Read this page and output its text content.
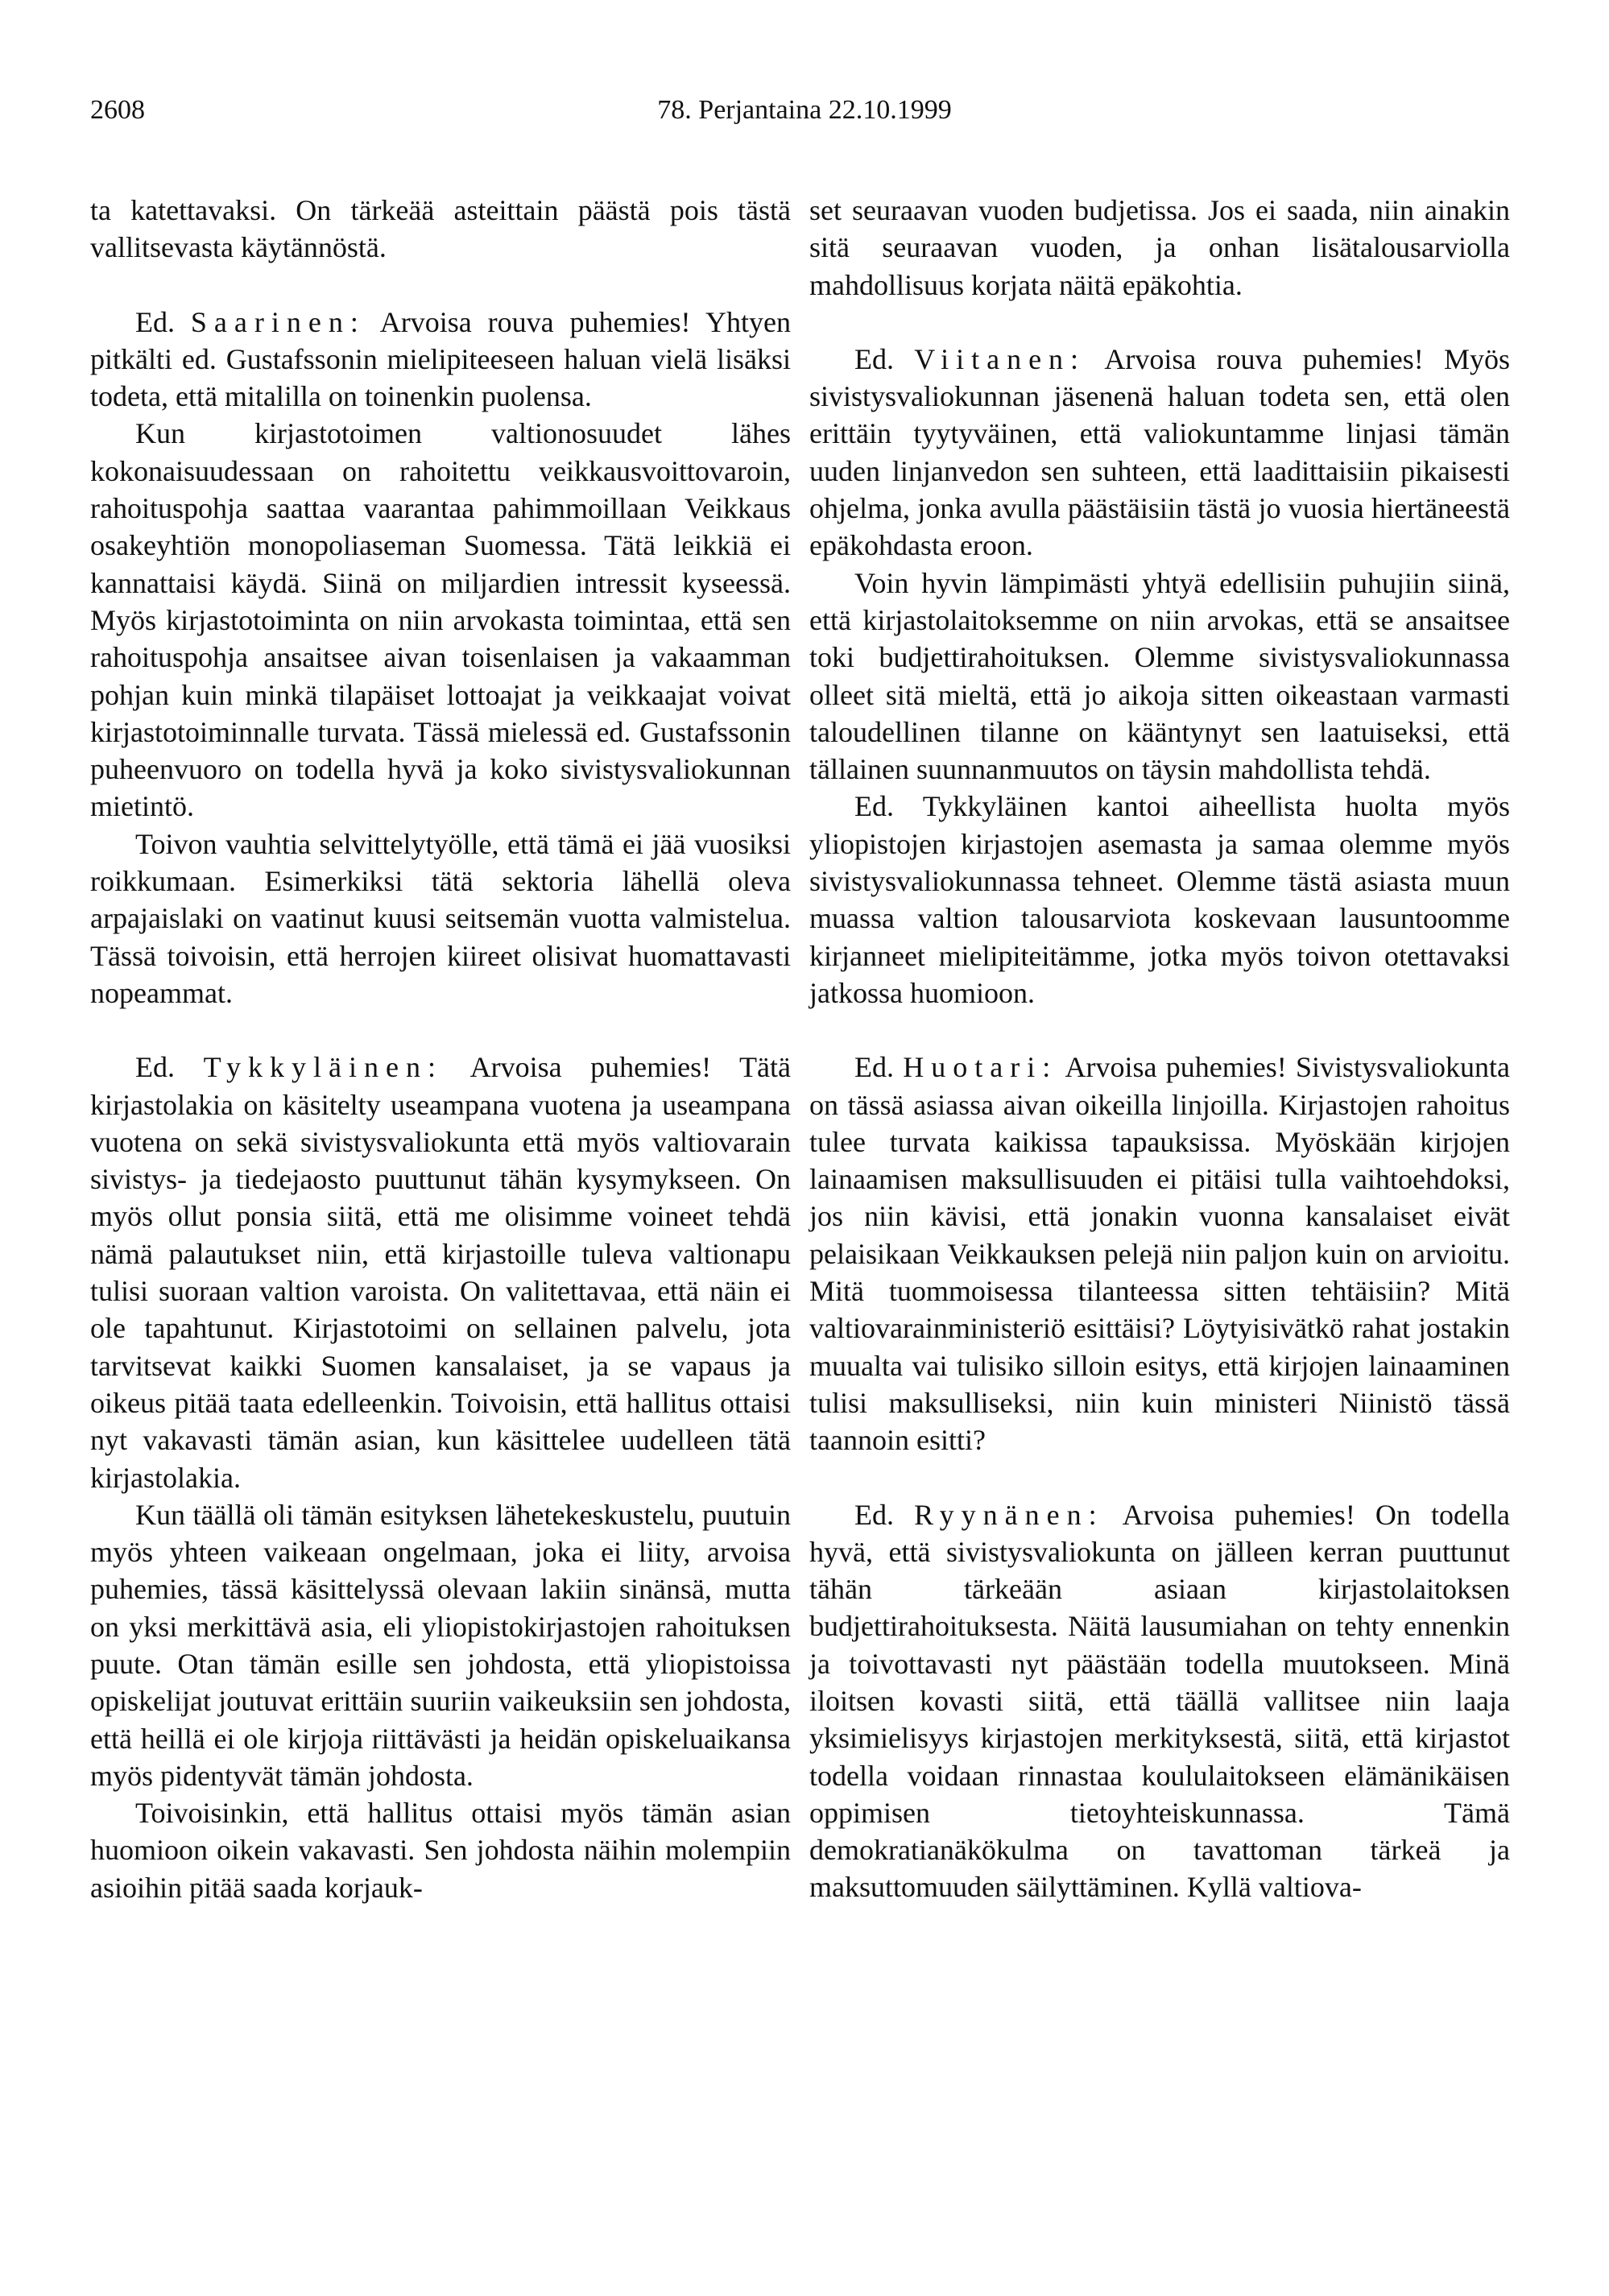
2608	78. Perjantaina 22.10.1999

ta katettavaksi. On tärkeää asteittain päästä pois tästä vallitsevasta käytännöstä.

Ed. Saarinen: Arvoisa rouva puhemies! Yhtyen pitkälti ed. Gustafssonin mielipiteeseen haluan vielä lisäksi todeta, että mitalilla on toinenkin puolensa.

Kun kirjastotoimen valtionosuudet lähes kokonaisuudessaan on rahoitettu veikkausvoittovaroin, rahoituspohja saattaa vaarantaa pahimmoillaan Veikkaus osakeyhtiön monopoliaseman Suomessa. Tätä leikkiä ei kannattaisi käydä. Siinä on miljardien intressit kyseessä. Myös kirjastotoiminta on niin arvokasta toimintaa, että sen rahoituspohja ansaitsee aivan toisenlaisen ja vakaamman pohjan kuin minkä tilapäiset lottoajat ja veikkaajat voivat kirjastotoiminnalle turvata. Tässä mielessä ed. Gustafssonin puheenvuoro on todella hyvä ja koko sivistysvaliokunnan mietintö.

Toivon vauhtia selvittelytyölle, että tämä ei jää vuosiksi roikkumaan. Esimerkiksi tätä sektoria lähellä oleva arpajaislaki on vaatinut kuusi seitsemän vuotta valmistelua. Tässä toivoisin, että herrojen kiireet olisivat huomattavasti nopeammat.

Ed. Tykkyläinen: Arvoisa puhemies! Tätä kirjastolakia on käsitelty useampana vuotena ja useampana vuotena on sekä sivistysvaliokunta että myös valtiovarain sivistys- ja tiedejaosto puuttunut tähän kysymykseen. On myös ollut ponsia siitä, että me olisimme voineet tehdä nämä palautukset niin, että kirjastoille tuleva valtionapu tulisi suoraan valtion varoista. On valitettavaa, että näin ei ole tapahtunut. Kirjastotoimi on sellainen palvelu, jota tarvitsevat kaikki Suomen kansalaiset, ja se vapaus ja oikeus pitää taata edelleenkin. Toivoisin, että hallitus ottaisi nyt vakavasti tämän asian, kun käsittelee uudelleen tätä kirjastolakia.

Kun täällä oli tämän esityksen lähetekeskustelu, puutuin myös yhteen vaikeaan ongelmaan, joka ei liity, arvoisa puhemies, tässä käsittelyssä olevaan lakiin sinänsä, mutta on yksi merkittävä asia, eli yliopistokirjastojen rahoituksen puute. Otan tämän esille sen johdosta, että yliopistoissa opiskelijat joutuvat erittäin suuriin vaikeuksiin sen johdosta, että heillä ei ole kirjoja riittävästi ja heidän opiskeluaikansa myös pidentyvät tämän johdosta.

Toivoisinkin, että hallitus ottaisi myös tämän asian huomioon oikein vakavasti. Sen johdosta näihin molempiin asioihin pitää saada korjauk-

set seuraavan vuoden budjetissa. Jos ei saada, niin ainakin sitä seuraavan vuoden, ja onhan lisätalousarviolla mahdollisuus korjata näitä epäkohtia.

Ed. Viitanen: Arvoisa rouva puhemies! Myös sivistysvaliokunnan jäsenenä haluan todeta sen, että olen erittäin tyytyväinen, että valiokuntamme linjasi tämän uuden linjanvedon sen suhteen, että laadittaisiin pikaisesti ohjelma, jonka avulla päästäisiin tästä jo vuosia hiertäneestä epäkohdasta eroon.

Voin hyvin lämpimästi yhtyä edellisiin puhujiin siinä, että kirjastolaitoksemme on niin arvokas, että se ansaitsee toki budjettirahoituksen. Olemme sivistysvaliokunnassa olleet sitä mieltä, että jo aikoja sitten oikeastaan varmasti taloudellinen tilanne on kääntynyt sen laatuiseksi, että tällainen suunnanmuutos on täysin mahdollista tehdä.

Ed. Tykkyläinen kantoi aiheellista huolta myös yliopistojen kirjastojen asemasta ja samaa olemme myös sivistysvaliokunnassa tehneet. Olemme tästä asiasta muun muassa valtion talousarviota koskevaan lausuntoomme kirjanneet mielipiteitämme, jotka myös toivon otettavaksi jatkossa huomioon.

Ed. Huotari: Arvoisa puhemies! Sivistysvaliokunta on tässä asiassa aivan oikeilla linjoilla. Kirjastojen rahoitus tulee turvata kaikissa tapauksissa. Myöskään kirjojen lainaamisen maksullisuuden ei pitäisi tulla vaihtoehdoksi, jos niin kävisi, että jonakin vuonna kansalaiset eivät pelaisikaan Veikkauksen pelejä niin paljon kuin on arvioitu. Mitä tuommoisessa tilanteessa sitten tehtäisiin? Mitä valtiovarainministeriö esittäisi? Löytyisivätkö rahat jostakin muualta vai tulisiko silloin esitys, että kirjojen lainaaminen tulisi maksulliseksi, niin kuin ministeri Niinistö tässä taannoin esitti?

Ed. Ryynänen: Arvoisa puhemies! On todella hyvä, että sivistysvaliokunta on jälleen kerran puuttunut tähän tärkeään asiaan kirjastolaitoksen budjettirahoituksesta. Näitä lausumiahan on tehty ennenkin ja toivottavasti nyt päästään todella muutokseen. Minä iloitsen kovasti siitä, että täällä vallitsee niin laaja yksimielisyys kirjastojen merkityksestä, siitä, että kirjastot todella voidaan rinnastaa koululaitokseen elämänikäisen oppimisen tietoyhteiskunnassa. Tämä demokratianäkökulma on tavattoman tärkeä ja maksuttomuuden säilyttäminen. Kyllä valtiova-
